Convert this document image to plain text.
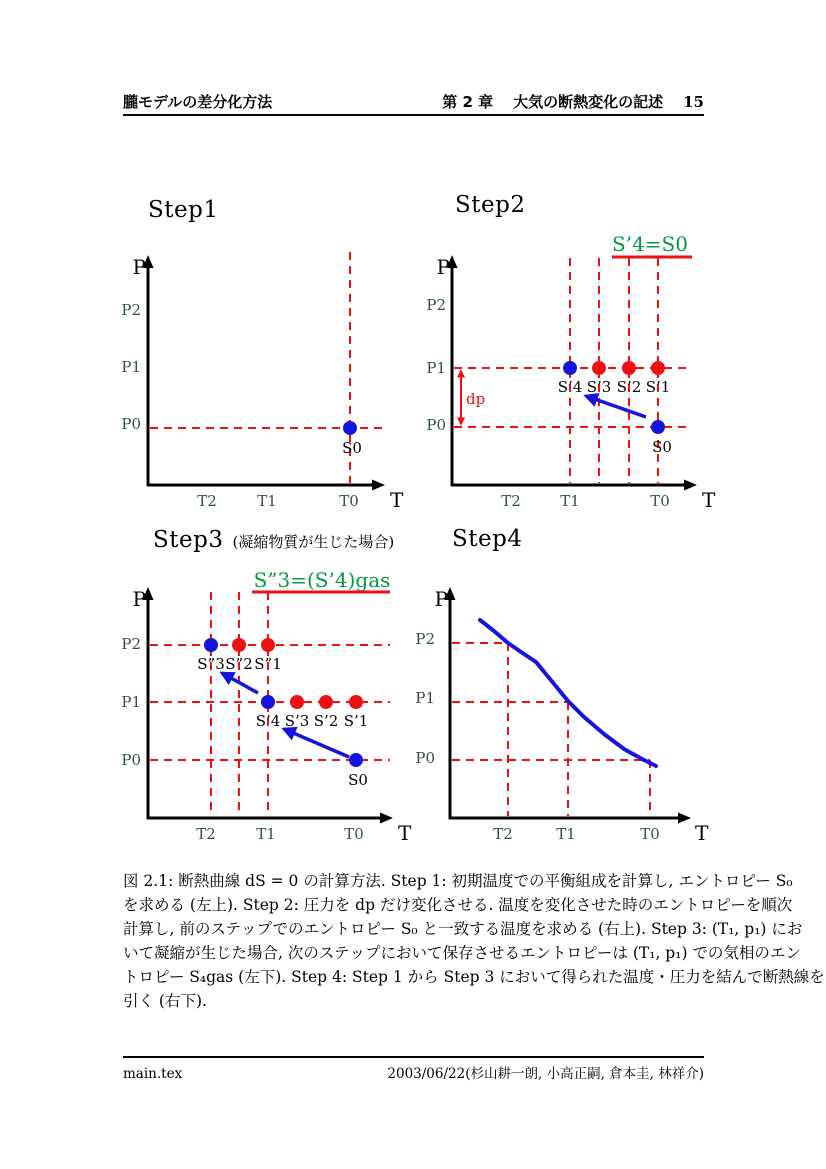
朧モデルの差分化方法	第 2 章 大気の断熱変化の記述 15
Step1	Step2
Step3 (凝縮物質が生じた場合)	Step4
P
T
P2
P1
P0
T2	T1	T0
S0
P
T
P2
P1
P0
T2	T1	T0
S’4=S0
dp
S’4 S’3 S’2 S’1
S0
P
T
P2
P1
P0
T2	T1	T0
S”3=(S’4)gas
S”3 S”2 S”1
S’4 S’3 S’2 S’1
S0
P
T
P2
P1
P0
T2	T1	T0
図 2.1: 断熱曲線 dS = 0 の計算方法. Step 1: 初期温度での平衡組成を計算し, エントロピー S₀
を求める (左上). Step 2: 圧力を dp だけ変化させる. 温度を変化させた時のエントロピーを順次
計算し, 前のステップでのエントロピー S₀ と一致する温度を求める (右上). Step 3: (T₁, p₁) にお
いて凝縮が生じた場合, 次のステップにおいて保存させるエントロピーは (T₁, p₁) での気相のエン
トロピー S₄gas (左下). Step 4: Step 1 から Step 3 において得られた温度・圧力を結んで断熱線を
引く (右下).
main.tex	2003/06/22(杉山耕一朗, 小高正嗣, 倉本圭, 林祥介)
